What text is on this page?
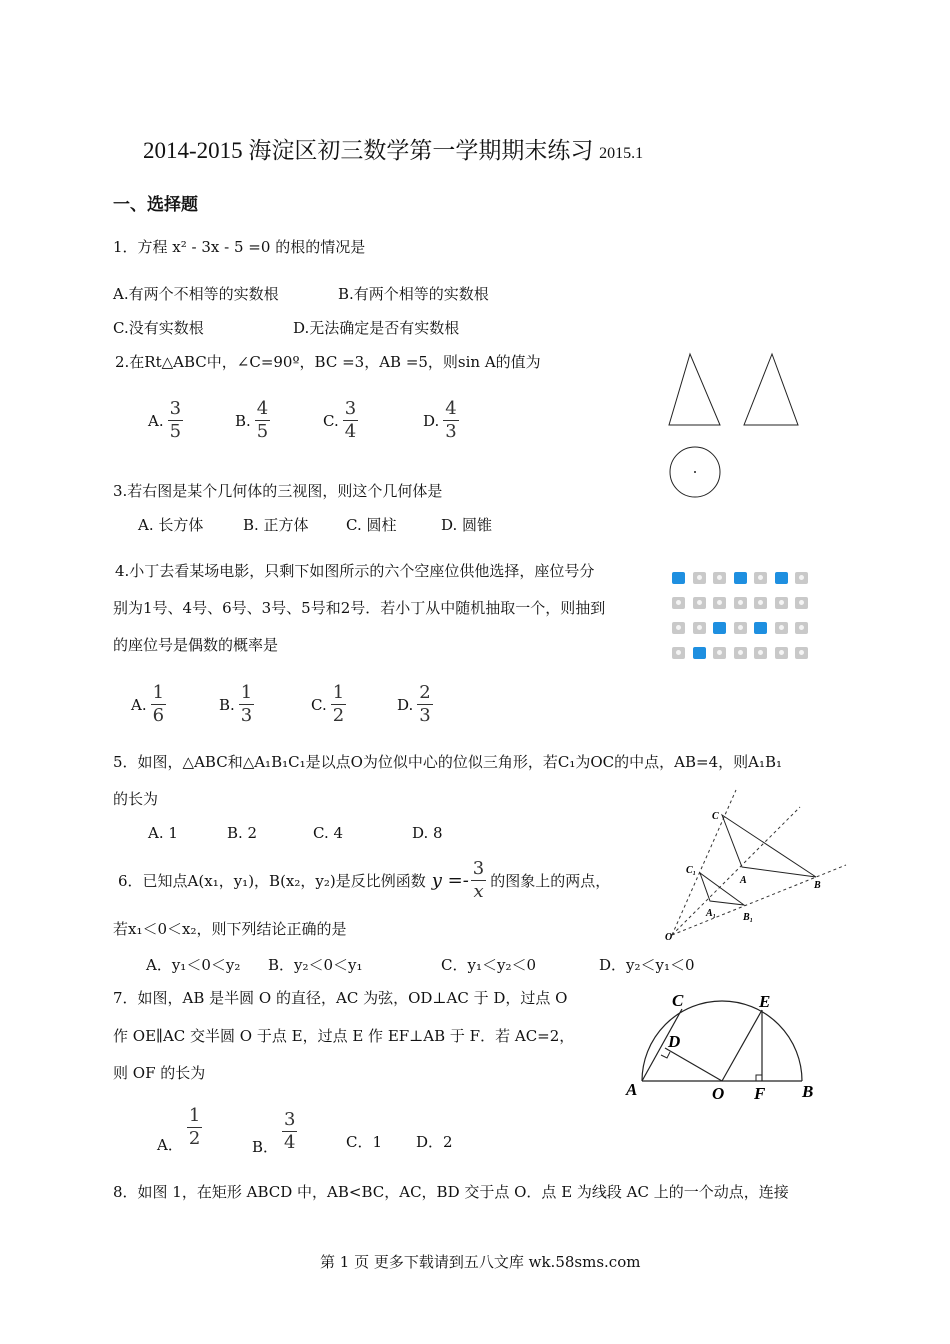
2014-2015 海淀区初三数学第一学期期末练习 2015.1
一、选择题
1．方程 x² - 3x - 5 =0 的根的情况是
A.有两个不相等的实数根	B.有两个相等的实数根
C.没有实数根	D.无法确定是否有实数根
2.在Rt△ABC中，∠C=90º，BC =3，AB =5，则sin A的值为
A. $\frac{3}{5}$	B. $\frac{4}{5}$	C. $\frac{3}{4}$	D. $\frac{4}{3}$
3.若右图是某个几何体的三视图，则这个几何体是
A. 长方体	B. 正方体 C. 圆柱	D. 圆锥
4.小丁去看某场电影，只剩下如图所示的六个空座位供他选择，座位号分
别为1号、4号、6号、3号、5号和2号．若小丁从中随机抽取一个，则抽到
的座位号是偶数的概率是
A. $\frac{1}{6}$	B. $\frac{1}{3}$	C. $\frac{1}{2}$	D. $\frac{2}{3}$
5．如图，△ABC和△A₁B₁C₁是以点O为位似中心的位似三角形，若C₁为OC的中点，AB=4，则A₁B₁
的长为
A. 1	B. 2	C. 4	D. 8
C
C₁
A
A₁
B
B₁
O
6．已知点A(x₁，y₁)，B(x₂，y₂)是反比例函数 $y =- \frac{3}{x}$ 的图象上的两点，
若x₁＜0＜x₂，则下列结论正确的是
A．y₁＜0＜y₂ B．y₂＜0＜y₁	C．y₁＜y₂＜0	D．y₂＜y₁＜0
7．如图，AB 是半圆 O 的直径，AC 为弦，OD⊥AC 于 D，过点 O
作 OE∥AC 交半圆 O 于点 E，过点 E 作 EF⊥AB 于 F．若 AC=2，
则 OF 的长为
A． $\frac{1}{2}$	B． $\frac{3}{4}$	C．1 D．2
C	E
D
A	O F B
8．如图 1，在矩形 ABCD 中，AB<BC，AC，BD 交于点 O．点 E 为线段 AC 上的一个动点，连接
第 1 页 更多下载请到五八文库 wk.58sms.com
